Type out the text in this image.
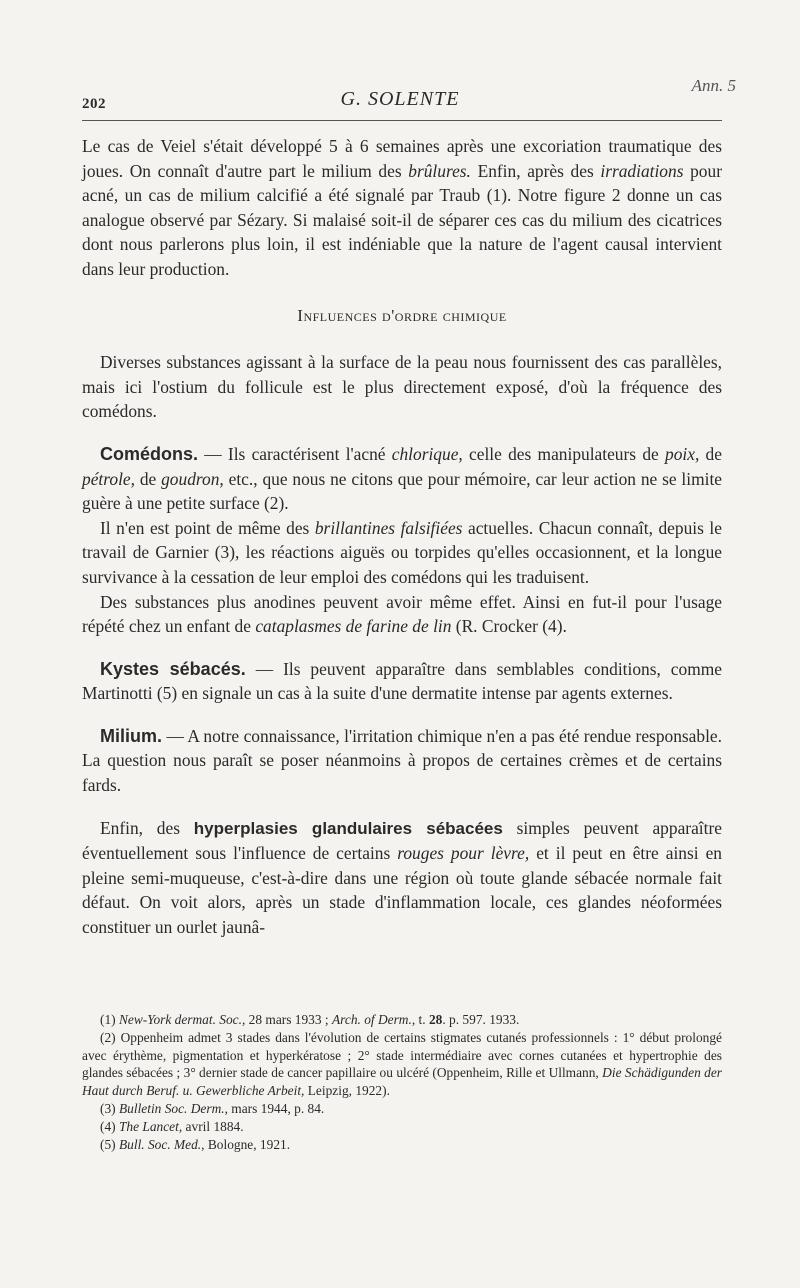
Ann. 5
202	G. SOLENTE

Le cas de Veiel s'était développé 5 à 6 semaines après une excoriation traumatique des joues. On connaît d'autre part le milium des brûlures. Enfin, après des irradiations pour acné, un cas de milium calcifié a été signalé par Traub (1). Notre figure 2 donne un cas analogue observé par Sézary. Si malaisé soit-il de séparer ces cas du milium des cicatrices dont nous parlerons plus loin, il est indéniable que la nature de l'agent causal intervient dans leur production.

Influences d'ordre chimique

Diverses substances agissant à la surface de la peau nous fournissent des cas parallèles, mais ici l'ostium du follicule est le plus directement exposé, d'où la fréquence des comédons.

Comédons. — Ils caractérisent l'acné chlorique, celle des manipulateurs de poix, de pétrole, de goudron, etc., que nous ne citons que pour mémoire, car leur action ne se limite guère à une petite surface (2).

Il n'en est point de même des brillantines falsifiées actuelles. Chacun connaît, depuis le travail de Garnier (3), les réactions aiguës ou torpides qu'elles occasionnent, et la longue survivance à la cessation de leur emploi des comédons qui les traduisent.

Des substances plus anodines peuvent avoir même effet. Ainsi en fut-il pour l'usage répété chez un enfant de cataplasmes de farine de lin (R. Crocker (4).

Kystes sébacés. — Ils peuvent apparaître dans semblables conditions, comme Martinotti (5) en signale un cas à la suite d'une dermatite intense par agents externes.

Milium. — A notre connaissance, l'irritation chimique n'en a pas été rendue responsable. La question nous paraît se poser néanmoins à propos de certaines crèmes et de certains fards.

Enfin, des hyperplasies glandulaires sébacées simples peuvent apparaître éventuellement sous l'influence de certains rouges pour lèvre, et il peut en être ainsi en pleine semi-muqueuse, c'est-à-dire dans une région où toute glande sébacée normale fait défaut. On voit alors, après un stade d'inflammation locale, ces glandes néoformées constituer un ourlet jaunâ-

(1) New-York dermat. Soc., 28 mars 1933 ; Arch. of Derm., t. 28. p. 597. 1933.

(2) Oppenheim admet 3 stades dans l'évolution de certains stigmates cutanés professionnels : 1° début prolongé avec érythème, pigmentation et hyperkératose ; 2° stade intermédiaire avec cornes cutanées et hypertrophie des glandes sébacées ; 3° dernier stade de cancer papillaire ou ulcéré (Oppenheim, Rille et Ullmann, Die Schädigunden der Haut durch Beruf. u. Gewerbliche Arbeit, Leipzig, 1922).

(3) Bulletin Soc. Derm., mars 1944, p. 84.

(4) The Lancet, avril 1884.

(5) Bull. Soc. Med., Bologne, 1921.
